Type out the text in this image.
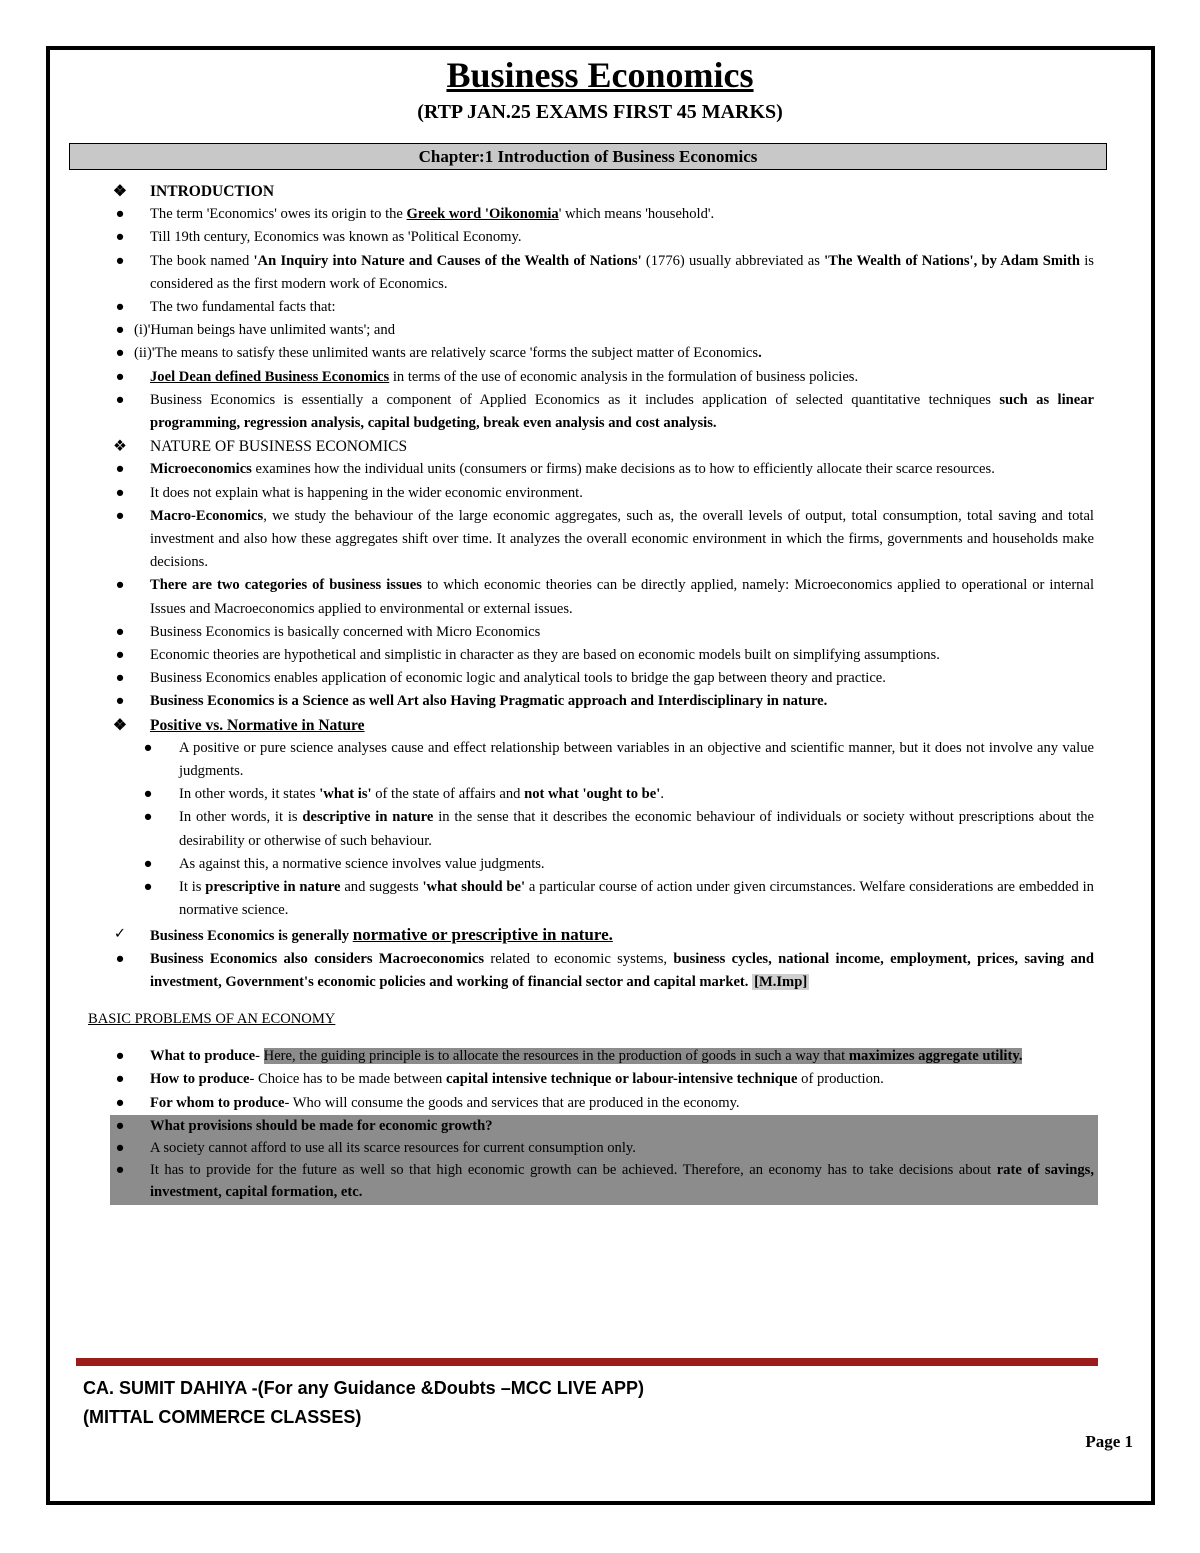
Business Economics
(RTP JAN.25 EXAMS FIRST 45 MARKS)
Chapter:1 Introduction of Business Economics
❖ INTRODUCTION
● The term 'Economics' owes its origin to the Greek word 'Oikonomia' which means 'household'.
● Till 19th century, Economics was known as 'Political Economy.
● The book named 'An Inquiry into Nature and Causes of the Wealth of Nations' (1776) usually abbreviated as 'The Wealth of Nations', by Adam Smith is considered as the first modern work of Economics.
● The two fundamental facts that:
● (i)'Human beings have unlimited wants'; and
● (ii)'The means to satisfy these unlimited wants are relatively scarce 'forms the subject matter of Economics.
● Joel Dean defined Business Economics in terms of the use of economic analysis in the formulation of business policies.
● Business Economics is essentially a component of Applied Economics as it includes application of selected quantitative techniques such as linear programming, regression analysis, capital budgeting, break even analysis and cost analysis.
❖ NATURE OF BUSINESS ECONOMICS
● Microeconomics examines how the individual units (consumers or firms) make decisions as to how to efficiently allocate their scarce resources.
● It does not explain what is happening in the wider economic environment.
● Macro-Economics, we study the behaviour of the large economic aggregates, such as, the overall levels of output, total consumption, total saving and total investment and also how these aggregates shift over time. It analyzes the overall economic environment in which the firms, governments and households make decisions.
● There are two categories of business issues to which economic theories can be directly applied, namely: Microeconomics applied to operational or internal Issues and Macroeconomics applied to environmental or external issues.
● Business Economics is basically concerned with Micro Economics
● Economic theories are hypothetical and simplistic in character as they are based on economic models built on simplifying assumptions.
● Business Economics enables application of economic logic and analytical tools to bridge the gap between theory and practice.
● Business Economics is a Science as well Art also Having Pragmatic approach and Interdisciplinary in nature.
❖ Positive vs. Normative in Nature
● A positive or pure science analyses cause and effect relationship between variables in an objective and scientific manner, but it does not involve any value judgments.
● In other words, it states 'what is' of the state of affairs and not what 'ought to be'.
● In other words, it is descriptive in nature in the sense that it describes the economic behaviour of individuals or society without prescriptions about the desirability or otherwise of such behaviour.
● As against this, a normative science involves value judgments.
● It is prescriptive in nature and suggests 'what should be' a particular course of action under given circumstances. Welfare considerations are embedded in normative science.
✓ Business Economics is generally normative or prescriptive in nature.
● Business Economics also considers Macroeconomics related to economic systems, business cycles, national income, employment, prices, saving and investment, Government's economic policies and working of financial sector and capital market. [M.Imp]
BASIC PROBLEMS OF AN ECONOMY
● What to produce- Here, the guiding principle is to allocate the resources in the production of goods in such a way that maximizes aggregate utility.
● How to produce- Choice has to be made between capital intensive technique or labour-intensive technique of production.
● For whom to produce- Who will consume the goods and services that are produced in the economy.
● What provisions should be made for economic growth?
● A society cannot afford to use all its scarce resources for current consumption only.
● It has to provide for the future as well so that high economic growth can be achieved. Therefore, an economy has to take decisions about rate of savings, investment, capital formation, etc.
CA. SUMIT DAHIYA -(For any Guidance &Doubts –MCC LIVE APP)
(MITTAL COMMERCE CLASSES)
Page 1
